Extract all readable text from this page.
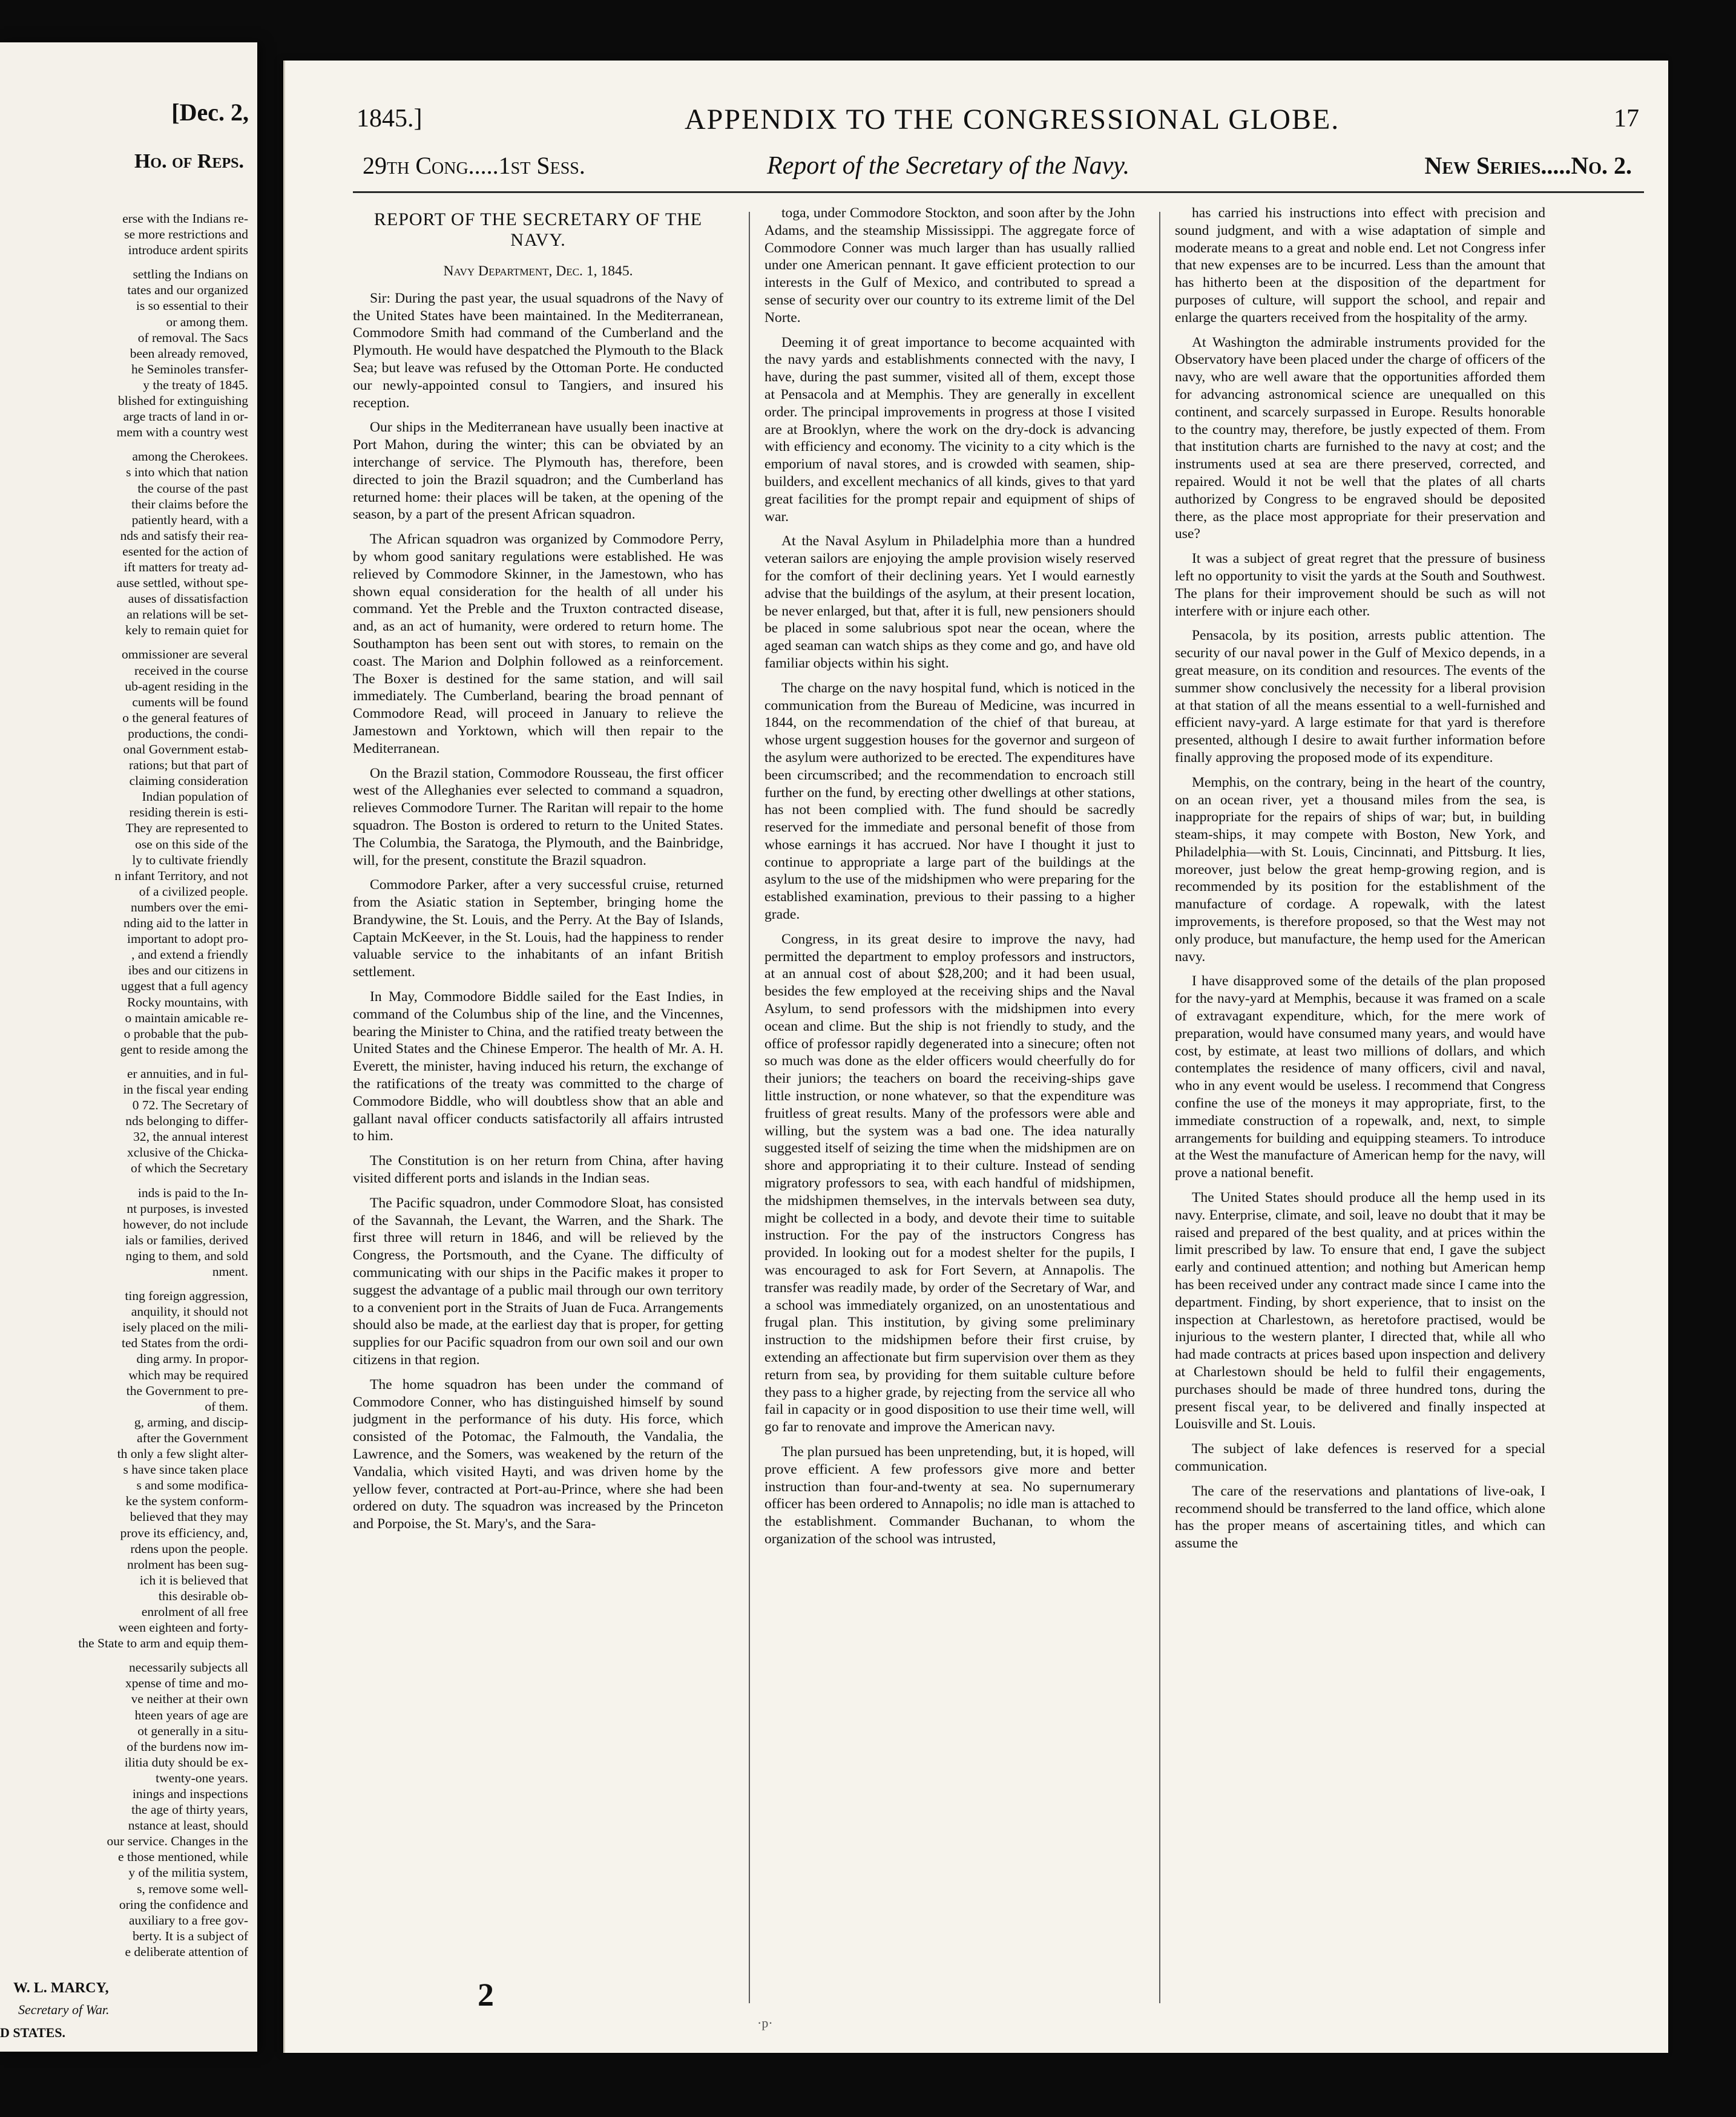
[Dec. 2,
Ho. of Reps.

erse with the Indians re-

se more restrictions and

introduce ardent spirits

settling the Indians on

tates and our organized

is so essential to their

or among them.

of removal. The Sacs

been already removed,

he Seminoles transfer-

y the treaty of 1845.

blished for extinguishing

arge tracts of land in or-

mem with a country west

among the Cherokees.

s into which that nation

the course of the past

their claims before the

patiently heard, with a

nds and satisfy their rea-

esented for the action of

ift matters for treaty ad-

ause settled, without spe-

auses of dissatisfaction

an relations will be set-

kely to remain quiet for

ommissioner are several

received in the course

ub-agent residing in the

cuments will be found

o the general features of

productions, the condi-

onal Government estab-

rations; but that part of

claiming consideration

Indian population of

residing therein is esti-

They are represented to

ose on this side of the

ly to cultivate friendly

n infant Territory, and not

of a civilized people.

numbers over the emi-

nding aid to the latter in

important to adopt pro-

, and extend a friendly

ibes and our citizens in

uggest that a full agency

Rocky mountains, with

o maintain amicable re-

o probable that the pub-

gent to reside among the

er annuities, and in ful-

in the fiscal year ending

0 72. The Secretary of

nds belonging to differ-

32, the annual interest

xclusive of the Chicka-

of which the Secretary

inds is paid to the In-

nt purposes, is invested

however, do not include

ials or families, derived

nging to them, and sold

nment.

ting foreign aggression,

anquility, it should not

isely placed on the mili-

ted States from the ordi-

ding army. In propor-

which may be required

the Government to pre-

of them.

g, arming, and discip-

after the Government

th only a few slight alter-

s have since taken place

s and some modifica-

ke the system conform-

believed that they may

prove its efficiency, and,

rdens upon the people.

nrolment has been sug-

ich it is believed that

this desirable ob-

enrolment of all free

ween eighteen and forty-

the State to arm and equip them-

necessarily subjects all

xpense of time and mo-

ve neither at their own

hteen years of age are

ot generally in a situ-

of the burdens now im-

ilitia duty should be ex-

twenty-one years.

inings and inspections

the age of thirty years,

nstance at least, should

our service. Changes in the

e those mentioned, while

y of the militia system,

s, remove some well-

oring the confidence and

auxiliary to a free gov-

berty. It is a subject of

e deliberate attention of

W. L. MARCY,
Secretary of War.
D STATES.
1845.]	APPENDIX TO THE CONGRESSIONAL GLOBE.	17
29th Cong.....1st Sess.	Report of the Secretary of the Navy.	New Series.....No. 2.

REPORT OF THE SECRETARY OF THE NAVY.

Navy Department, Dec. 1, 1845.

Sir: During the past year, the usual squadrons of the Navy of the United States have been maintained. In the Mediterranean, Commodore Smith had command of the Cumberland and the Plymouth. He would have despatched the Plymouth to the Black Sea; but leave was refused by the Ottoman Porte. He conducted our newly-appointed consul to Tangiers, and insured his reception.

Our ships in the Mediterranean have usually been inactive at Port Mahon, during the winter; this can be obviated by an interchange of service. The Plymouth has, therefore, been directed to join the Brazil squadron; and the Cumberland has returned home: their places will be taken, at the opening of the season, by a part of the present African squadron.

The African squadron was organized by Commodore Perry, by whom good sanitary regulations were established. He was relieved by Commodore Skinner, in the Jamestown, who has shown equal consideration for the health of all under his command. Yet the Preble and the Truxton contracted disease, and, as an act of humanity, were ordered to return home. The Southampton has been sent out with stores, to remain on the coast. The Marion and Dolphin followed as a reinforcement. The Boxer is destined for the same station, and will sail immediately. The Cumberland, bearing the broad pennant of Commodore Read, will proceed in January to relieve the Jamestown and Yorktown, which will then repair to the Mediterranean.

On the Brazil station, Commodore Rousseau, the first officer west of the Alleghanies ever selected to command a squadron, relieves Commodore Turner. The Raritan will repair to the home squadron. The Boston is ordered to return to the United States. The Columbia, the Saratoga, the Plymouth, and the Bainbridge, will, for the present, constitute the Brazil squadron.

Commodore Parker, after a very successful cruise, returned from the Asiatic station in September, bringing home the Brandywine, the St. Louis, and the Perry. At the Bay of Islands, Captain McKeever, in the St. Louis, had the happiness to render valuable service to the inhabitants of an infant British settlement.

In May, Commodore Biddle sailed for the East Indies, in command of the Columbus ship of the line, and the Vincennes, bearing the Minister to China, and the ratified treaty between the United States and the Chinese Emperor. The health of Mr. A. H. Everett, the minister, having induced his return, the exchange of the ratifications of the treaty was committed to the charge of Commodore Biddle, who will doubtless show that an able and gallant naval officer conducts satisfactorily all affairs intrusted to him.

The Constitution is on her return from China, after having visited different ports and islands in the Indian seas.

The Pacific squadron, under Commodore Sloat, has consisted of the Savannah, the Levant, the Warren, and the Shark. The first three will return in 1846, and will be relieved by the Congress, the Portsmouth, and the Cyane. The difficulty of communicating with our ships in the Pacific makes it proper to suggest the advantage of a public mail through our own territory to a convenient port in the Straits of Juan de Fuca. Arrangements should also be made, at the earliest day that is proper, for getting supplies for our Pacific squadron from our own soil and our own citizens in that region.

The home squadron has been under the command of Commodore Conner, who has distinguished himself by sound judgment in the performance of his duty. His force, which consisted of the Potomac, the Falmouth, the Vandalia, the Lawrence, and the Somers, was weakened by the return of the Vandalia, which visited Hayti, and was driven home by the yellow fever, contracted at Port-au-Prince, where she had been ordered on duty. The squadron was increased by the Princeton and Porpoise, the St. Mary's, and the Sara-

toga, under Commodore Stockton, and soon after by the John Adams, and the steamship Mississippi. The aggregate force of Commodore Conner was much larger than has usually rallied under one American pennant. It gave efficient protection to our interests in the Gulf of Mexico, and contributed to spread a sense of security over our country to its extreme limit of the Del Norte.

Deeming it of great importance to become acquainted with the navy yards and establishments connected with the navy, I have, during the past summer, visited all of them, except those at Pensacola and at Memphis. They are generally in excellent order. The principal improvements in progress at those I visited are at Brooklyn, where the work on the dry-dock is advancing with efficiency and economy. The vicinity to a city which is the emporium of naval stores, and is crowded with seamen, ship-builders, and excellent mechanics of all kinds, gives to that yard great facilities for the prompt repair and equipment of ships of war.

At the Naval Asylum in Philadelphia more than a hundred veteran sailors are enjoying the ample provision wisely reserved for the comfort of their declining years. Yet I would earnestly advise that the buildings of the asylum, at their present location, be never enlarged, but that, after it is full, new pensioners should be placed in some salubrious spot near the ocean, where the aged seaman can watch ships as they come and go, and have old familiar objects within his sight.

The charge on the navy hospital fund, which is noticed in the communication from the Bureau of Medicine, was incurred in 1844, on the recommendation of the chief of that bureau, at whose urgent suggestion houses for the governor and surgeon of the asylum were authorized to be erected. The expenditures have been circumscribed; and the recommendation to encroach still further on the fund, by erecting other dwellings at other stations, has not been complied with. The fund should be sacredly reserved for the immediate and personal benefit of those from whose earnings it has accrued. Nor have I thought it just to continue to appropriate a large part of the buildings at the asylum to the use of the midshipmen who were preparing for the established examination, previous to their passing to a higher grade.

Congress, in its great desire to improve the navy, had permitted the department to employ professors and instructors, at an annual cost of about $28,200; and it had been usual, besides the few employed at the receiving ships and the Naval Asylum, to send professors with the midshipmen into every ocean and clime. But the ship is not friendly to study, and the office of professor rapidly degenerated into a sinecure; often not so much was done as the elder officers would cheerfully do for their juniors; the teachers on board the receiving-ships gave little instruction, or none whatever, so that the expenditure was fruitless of great results. Many of the professors were able and willing, but the system was a bad one. The idea naturally suggested itself of seizing the time when the midshipmen are on shore and appropriating it to their culture. Instead of sending migratory professors to sea, with each handful of midshipmen, the midshipmen themselves, in the intervals between sea duty, might be collected in a body, and devote their time to suitable instruction. For the pay of the instructors Congress has provided. In looking out for a modest shelter for the pupils, I was encouraged to ask for Fort Severn, at Annapolis. The transfer was readily made, by order of the Secretary of War, and a school was immediately organized, on an unostentatious and frugal plan. This institution, by giving some preliminary instruction to the midshipmen before their first cruise, by extending an affectionate but firm supervision over them as they return from sea, by providing for them suitable culture before they pass to a higher grade, by rejecting from the service all who fail in capacity or in good disposition to use their time well, will go far to renovate and improve the American navy.

The plan pursued has been unpretending, but, it is hoped, will prove efficient. A few professors give more and better instruction than four-and-twenty at sea. No supernumerary officer has been ordered to Annapolis; no idle man is attached to the establishment. Commander Buchanan, to whom the organization of the school was intrusted,

has carried his instructions into effect with precision and sound judgment, and with a wise adaptation of simple and moderate means to a great and noble end. Let not Congress infer that new expenses are to be incurred. Less than the amount that has hitherto been at the disposition of the department for purposes of culture, will support the school, and repair and enlarge the quarters received from the hospitality of the army.

At Washington the admirable instruments provided for the Observatory have been placed under the charge of officers of the navy, who are well aware that the opportunities afforded them for advancing astronomical science are unequalled on this continent, and scarcely surpassed in Europe. Results honorable to the country may, therefore, be justly expected of them. From that institution charts are furnished to the navy at cost; and the instruments used at sea are there preserved, corrected, and repaired. Would it not be well that the plates of all charts authorized by Congress to be engraved should be deposited there, as the place most appropriate for their preservation and use?

It was a subject of great regret that the pressure of business left no opportunity to visit the yards at the South and Southwest. The plans for their improvement should be such as will not interfere with or injure each other.

Pensacola, by its position, arrests public attention. The security of our naval power in the Gulf of Mexico depends, in a great measure, on its condition and resources. The events of the summer show conclusively the necessity for a liberal provision at that station of all the means essential to a well-furnished and efficient navy-yard. A large estimate for that yard is therefore presented, although I desire to await further information before finally approving the proposed mode of its expenditure.

Memphis, on the contrary, being in the heart of the country, on an ocean river, yet a thousand miles from the sea, is inappropriate for the repairs of ships of war; but, in building steam-ships, it may compete with Boston, New York, and Philadelphia—with St. Louis, Cincinnati, and Pittsburg. It lies, moreover, just below the great hemp-growing region, and is recommended by its position for the establishment of the manufacture of cordage. A ropewalk, with the latest improvements, is therefore proposed, so that the West may not only produce, but manufacture, the hemp used for the American navy.

I have disapproved some of the details of the plan proposed for the navy-yard at Memphis, because it was framed on a scale of extravagant expenditure, which, for the mere work of preparation, would have consumed many years, and would have cost, by estimate, at least two millions of dollars, and which contemplates the residence of many officers, civil and naval, who in any event would be useless. I recommend that Congress confine the use of the moneys it may appropriate, first, to the immediate construction of a ropewalk, and, next, to simple arrangements for building and equipping steamers. To introduce at the West the manufacture of American hemp for the navy, will prove a national benefit.

The United States should produce all the hemp used in its navy. Enterprise, climate, and soil, leave no doubt that it may be raised and prepared of the best quality, and at prices within the limit prescribed by law. To ensure that end, I gave the subject early and continued attention; and nothing but American hemp has been received under any contract made since I came into the department. Finding, by short experience, that to insist on the inspection at Charlestown, as heretofore practised, would be injurious to the western planter, I directed that, while all who had made contracts at prices based upon inspection and delivery at Charlestown should be held to fulfil their engagements, purchases should be made of three hundred tons, during the present fiscal year, to be delivered and finally inspected at Louisville and St. Louis.

The subject of lake defences is reserved for a special communication.

The care of the reservations and plantations of live-oak, I recommend should be transferred to the land office, which alone has the proper means of ascertaining titles, and which can assume the

2
·p·
